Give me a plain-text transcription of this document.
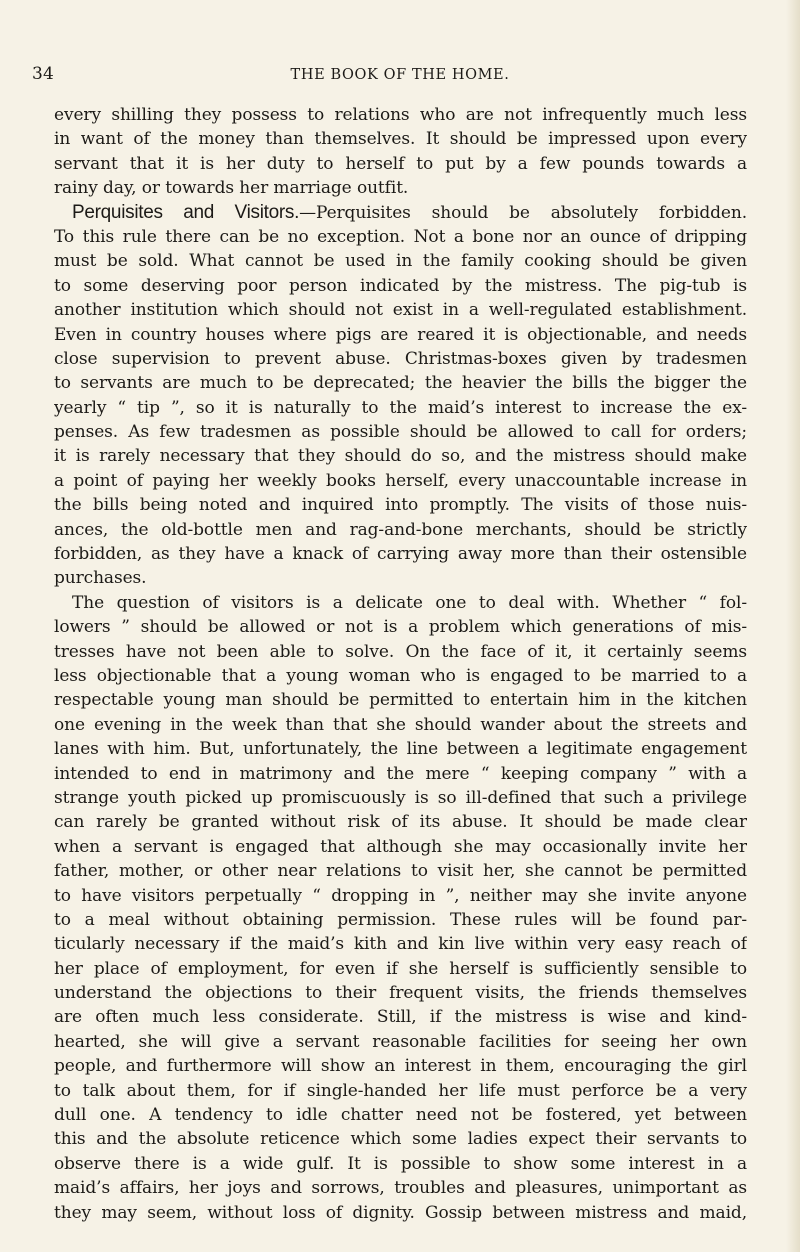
34	THE BOOK OF THE HOME.
every shilling they possess to relations who are not infrequently much less
in want of the money than themselves. It should be impressed upon every
servant that it is her duty to herself to put by a few pounds towards a
rainy day, or towards her marriage outfit.
Perquisites and Visitors.—Perquisites should be absolutely forbidden.
To this rule there can be no exception. Not a bone nor an ounce of dripping
must be sold. What cannot be used in the family cooking should be given
to some deserving poor person indicated by the mistress. The pig-tub is
another institution which should not exist in a well-regulated establishment.
Even in country houses where pigs are reared it is objectionable, and needs
close supervision to prevent abuse. Christmas-boxes given by tradesmen
to servants are much to be deprecated; the heavier the bills the bigger the
yearly “ tip ”, so it is naturally to the maid’s interest to increase the ex-
penses. As few tradesmen as possible should be allowed to call for orders;
it is rarely necessary that they should do so, and the mistress should make
a point of paying her weekly books herself, every unaccountable increase in
the bills being noted and inquired into promptly. The visits of those nuis-
ances, the old-bottle men and rag-and-bone merchants, should be strictly
forbidden, as they have a knack of carrying away more than their ostensible
purchases.
The question of visitors is a delicate one to deal with. Whether “ fol-
lowers ” should be allowed or not is a problem which generations of mis-
tresses have not been able to solve. On the face of it, it certainly seems
less objectionable that a young woman who is engaged to be married to a
respectable young man should be permitted to entertain him in the kitchen
one evening in the week than that she should wander about the streets and
lanes with him. But, unfortunately, the line between a legitimate engagement
intended to end in matrimony and the mere “ keeping company ” with a
strange youth picked up promiscuously is so ill-defined that such a privilege
can rarely be granted without risk of its abuse. It should be made clear
when a servant is engaged that although she may occasionally invite her
father, mother, or other near relations to visit her, she cannot be permitted
to have visitors perpetually “ dropping in ”, neither may she invite anyone
to a meal without obtaining permission. These rules will be found par-
ticularly necessary if the maid’s kith and kin live within very easy reach of
her place of employment, for even if she herself is sufficiently sensible to
understand the objections to their frequent visits, the friends themselves
are often much less considerate. Still, if the mistress is wise and kind-
hearted, she will give a servant reasonable facilities for seeing her own
people, and furthermore will show an interest in them, encouraging the girl
to talk about them, for if single-handed her life must perforce be a very
dull one. A tendency to idle chatter need not be fostered, yet between
this and the absolute reticence which some ladies expect their servants to
observe there is a wide gulf. It is possible to show some interest in a
maid’s affairs, her joys and sorrows, troubles and pleasures, unimportant as
they may seem, without loss of dignity. Gossip between mistress and maid,
